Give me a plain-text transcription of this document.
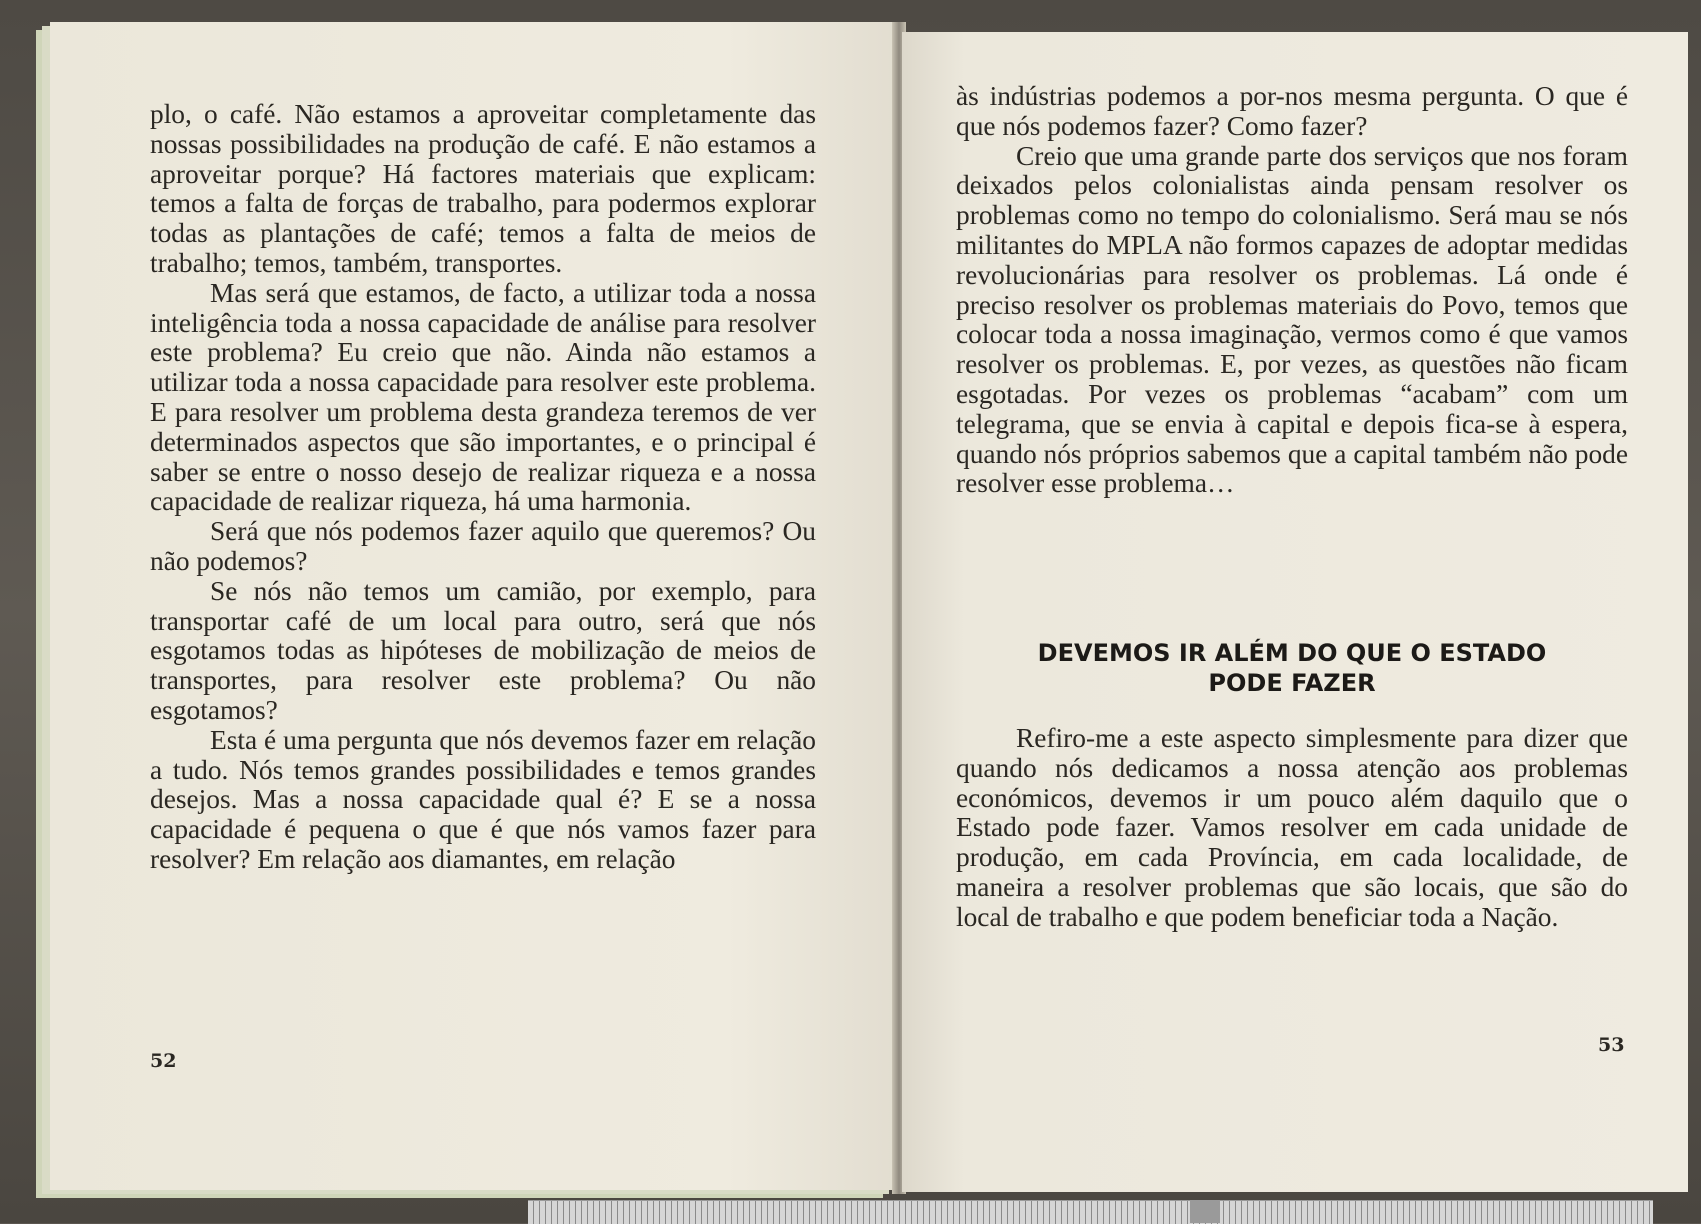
plo, o café. Não estamos a aproveitar completamente das nossas possibilidades na produção de café. E não estamos a aproveitar porque? Há factores materiais que explicam: temos a falta de forças de trabalho, para podermos explorar todas as plantações de café; temos a falta de meios de trabalho; temos, também, transportes.

Mas será que estamos, de facto, a utilizar toda a nossa inteligência toda a nossa capacidade de análise para resolver este problema? Eu creio que não. Ainda não estamos a utilizar toda a nossa capacidade para resolver este problema. E para resolver um problema desta grandeza teremos de ver determinados aspectos que são importantes, e o principal é saber se entre o nosso desejo de realizar riqueza e a nossa capacidade de realizar riqueza, há uma harmonia.

Será que nós podemos fazer aquilo que queremos? Ou não podemos?

Se nós não temos um camião, por exemplo, para transportar café de um local para outro, será que nós esgotamos todas as hipóteses de mobilização de meios de transportes, para resolver este problema? Ou não esgotamos?

Esta é uma pergunta que nós devemos fazer em relação a tudo. Nós temos grandes possibilidades e temos grandes desejos. Mas a nossa capacidade qual é? E se a nossa capacidade é pequena o que é que nós vamos fazer para resolver? Em relação aos diamantes, em relação

52

às indústrias podemos a por-nos mesma pergunta. O que é que nós podemos fazer? Como fazer?

Creio que uma grande parte dos serviços que nos foram deixados pelos colonialistas ainda pensam resolver os problemas como no tempo do colonialismo. Será mau se nós militantes do MPLA não formos capazes de adoptar medidas revolucionárias para resolver os problemas. Lá onde é preciso resolver os problemas materiais do Povo, temos que colocar toda a nossa imaginação, vermos como é que vamos resolver os problemas. E, por vezes, as questões não ficam esgotadas. Por vezes os problemas “acabam” com um telegrama, que se envia à capital e depois fica-se à espera, quando nós próprios sabemos que a capital também não pode resolver esse problema…

DEVEMOS IR ALÉM DO QUE O ESTADO
PODE FAZER

Refiro-me a este aspecto simplesmente para dizer que quando nós dedicamos a nossa atenção aos problemas económicos, devemos ir um pouco além daquilo que o Estado pode fazer. Vamos resolver em cada unidade de produção, em cada Província, em cada localidade, de maneira a resolver problemas que são locais, que são do local de trabalho e que podem beneficiar toda a Nação.

53
